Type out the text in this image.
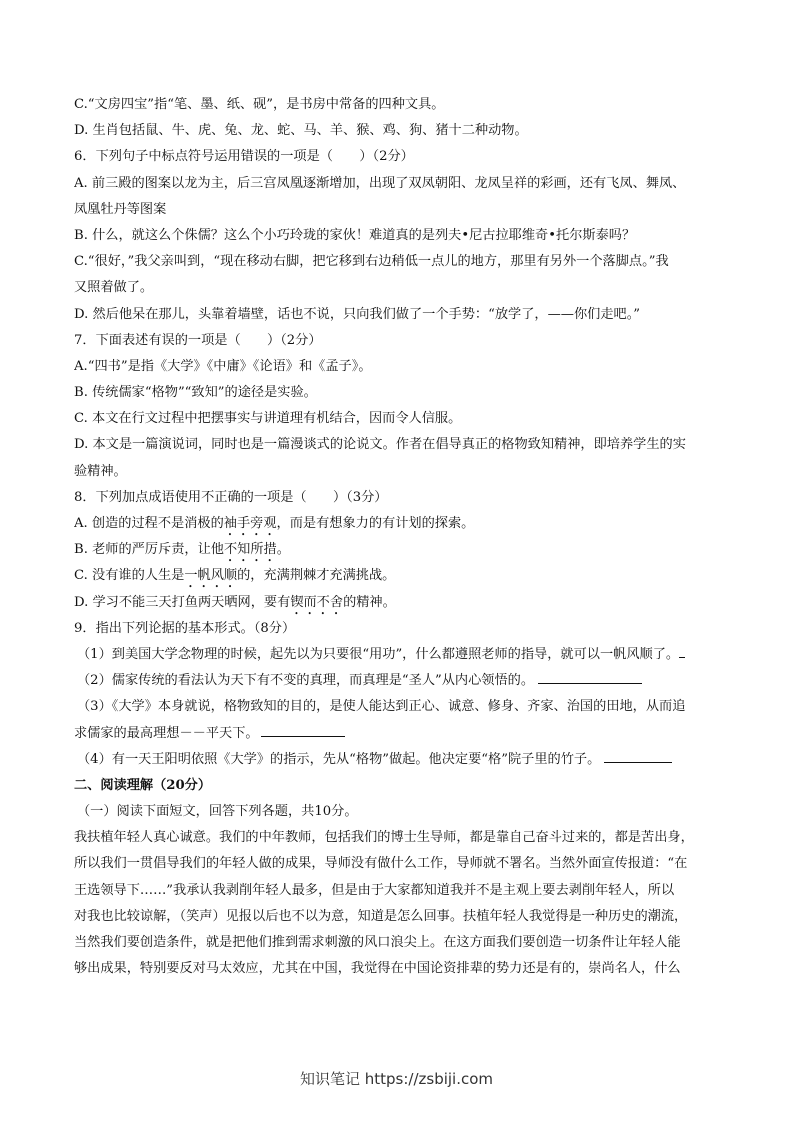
C.“文房四宝”指“笔、墨、纸、砚”，是书房中常备的四种文具。
D. 生肖包括鼠、牛、虎、兔、龙、蛇、马、羊、猴、鸡、狗、猪十二种动物。
6．下列句子中标点符号运用错误的一项是（　　）（2分）
A. 前三殿的图案以龙为主，后三宫凤凰逐渐增加，出现了双凤朝阳、龙凤呈祥的彩画，还有飞凤、舞凤、
凤凰牡丹等图案
B. 什么，就这么个侏儒？这么个小巧玲珑的家伙！难道真的是列夫•尼古拉耶维奇•托尔斯泰吗？
C.“很好，”我父亲叫到，“现在移动右脚，把它移到右边稍低一点儿的地方，那里有另外一个落脚点。”我
又照着做了。
D. 然后他呆在那儿，头靠着墙壁，话也不说，只向我们做了一个手势：“放学了，——你们走吧。”
7．下面表述有误的一项是（　　）（2分）
A.“四书”是指《大学》《中庸》《论语》和《孟子》。
B. 传统儒家“格物”“致知”的途径是实验。
C. 本文在行文过程中把摆事实与讲道理有机结合，因而令人信服。
D. 本文是一篇演说词，同时也是一篇漫谈式的论说文。作者在倡导真正的格物致知精神，即培养学生的实
验精神。
8．下列加点成语使用不正确的一项是（　　）（3分）
A. 创造的过程不是消极的袖手旁观，而是有想象力的有计划的探索。
B. 老师的严厉斥责，让他不知所措。
C. 没有谁的人生是一帆风顺的，充满荆棘才充满挑战。
D. 学习不能三天打鱼两天晒网，要有锲而不舍的精神。
9．指出下列论据的基本形式。（8分）
（1）到美国大学念物理的时候，起先以为只要很“用功”，什么都遵照老师的指导，就可以一帆风顺了。
（2）儒家传统的看法认为天下有不变的真理，而真理是“圣人”从内心领悟的。
（3）《大学》本身就说，格物致知的目的，是使人能达到正心、诚意、修身、齐家、治国的田地，从而追
求儒家的最高理想－－平天下。
（4）有一天王阳明依照《大学》的指示，先从“格物”做起。他决定要“格”院子里的竹子。
二、阅读理解（20分）
（一）阅读下面短文，回答下列各题，共10分。
我扶植年轻人真心诚意。我们的中年教师，包括我们的博士生导师，都是靠自己奋斗过来的，都是苦出身，
所以我们一贯倡导我们的年轻人做的成果，导师没有做什么工作，导师就不署名。当然外面宣传报道：“在
王选领导下……”我承认我剥削年轻人最多，但是由于大家都知道我并不是主观上要去剥削年轻人，所以
对我也比较谅解，（笑声）见报以后也不以为意，知道是怎么回事。扶植年轻人我觉得是一种历史的潮流，
当然我们要创造条件，就是把他们推到需求刺激的风口浪尖上。在这方面我们要创造一切条件让年轻人能
够出成果，特别要反对马太效应，尤其在中国，我觉得在中国论资排辈的势力还是有的，崇尚名人，什么
知识笔记 https://zsbiji.com
